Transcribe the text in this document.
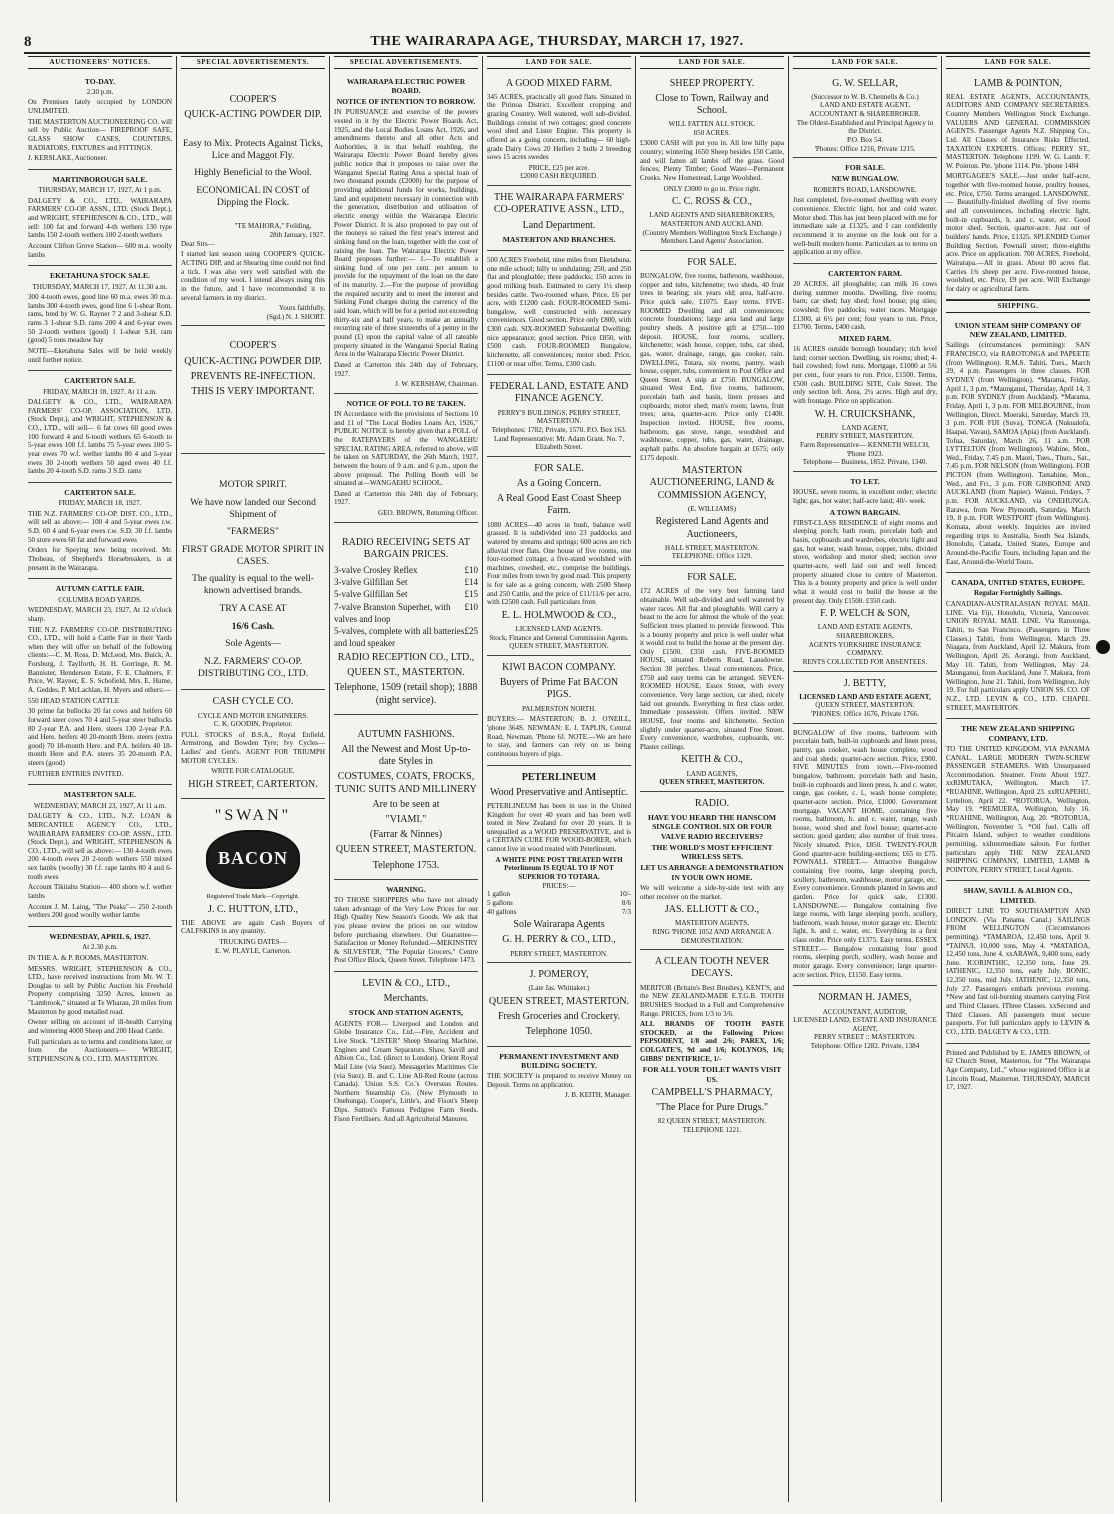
8	THE WAIRARAPA AGE, THURSDAY, MARCH 17, 1927.
AUCTIONEERS' NOTICES.
TO-DAY.
2.30 p.m.
On Premises lately occupied by LONDON UNLIMITED.
THE MASTERTON AUCTIONEERING CO. will sell by Public Auction— FIREPROOF SAFE, GLASS SHOW CASES, COUNTERS, RADIATORS, FIXTURES and FITTINGS.
J. KERSLAKE, Auctioneer.
MARTINBOROUGH SALE.
THURSDAY, MARCH 17, 1927, At 1 p.m.
DALGETY & CO., LTD., WAIRARAPA FARMERS' CO-OP. ASSN., LTD. (Stock Dept.), and WRIGHT, STEPHENSON & CO., LTD., will sell: 100 fat and forward 4-th wethers 130 type lambs 150 2-tooth wethers 100 2-tooth wethers
Account Clifton Grove Station— 600 m.a. woolly lambs
EKETAHUNA STOCK SALE.
THURSDAY, MARCH 17, 1927. At 11.30 a.m.
300 4-tooth ewes, good line 60 m.a. ewes 30 m.a. lambs 300 4-tooth ewes, good line 6 1-shear Rom. rams, bred by W. G. Rayner 7 2 and 3-shear S.D. rams 3 1-shear S.D. rams 200 4 and 6-year ewes 50 2-tooth wethers (good) 1 1-shear S.H. ram (good) 5 tons meadow hay
NOTE—Eketahuna Sales will be held weekly until further notice.
CARTERTON SALE.
FRIDAY, MARCH 18, 1927. At 11 a.m.
DALGETY & CO., LTD., WAIRARAPA FARMERS' CO-OP. ASSOCIATION, LTD. (Stock Dept.), and WRIGHT, STEPHENSON & CO., LTD., will sell— 6 fat cows 60 good ewes 100 forward 4 and 6-tooth wethers 65 6-tooth to 5-year ewes 100 f.f. lambs 75 5-year ewes 100 5-year ewes 70 w.f. wether lambs 80 4 and 5-year ewes 30 2-tooth wethers 50 aged ewes 40 f.f. lambs 20 4-tooth S.D. rams 3 S.D. rams
CARTERTON SALE.
FRIDAY, MARCH 18, 1927.
THE N.Z. FARMERS' CO-OP. DIST. CO., LTD., will sell as above:— 100 4 and 5-year ewes r.w. S.D. 60 4 and 6-year ewes r.w. S.D. 30 f.f. lambs 50 store ewes 60 fat and forward ewes
Orders for Speying now being received. Mr. Thoheau, of Shepherd's Horsebreakers, is at present in the Wairarapa.
AUTUMN CATTLE FAIR.
COLUMBA ROAD YARDS.
WEDNESDAY, MARCH 23, 1927, At 12 o'clock sharp.
THE N.Z. FARMERS' CO-OP. DISTRIBUTING CO., LTD., will hold a Cattle Fair in their Yards when they will offer on behalf of the following clients:—C. M. Ross, D. McLeod, Mrs. Buick, A. Forsburg, J. Taylforth, H. H. Gorringe, R. M. Bannister, Henderson Estate, F. E. Chalmers, F. Price, W. Rayner, E. S. Schofield, Mrs. E. Hume, A. Geddes, P. McLachlan, H. Myers and others:—
550 HEAD STATION CATTLE
30 prime fat bullocks 20 fat cows and heifers 60 forward steer cows 70 4 and 5-year steer bullocks 80 2-year P.A. and Here. steers 130 2-year P.A. and Here. heifers 40 20-month Here. steers (extra good) 70 18-month Here. and P.A. heifers 40 18-month Here and P.A. steers 35 20-month P.A. steers (good)
FURTHER ENTRIES INVITED.
MASTERTON SALE.
WEDNESDAY, MARCH 23, 1927, At 11 a.m.
DALGETY & CO., LTD., N.Z. LOAN & MERCANTILE AGENCY CO., LTD., WAIRARAPA FARMERS' CO-OP. ASSN., LTD. (Stock Dept.), and WRIGHT, STEPHENSON & CO., LTD., will sell as above:— 130 4-tooth ewes 200 4-tooth ewes 20 2-tooth wethers 550 mixed sex lambs (woolly) 30 f.f. rape lambs 80 4 and 6-tooth ewes
Account Tikitahu Station— 400 shorn w.f. wether lambs
Account J. M. Laing, "The Peaks"— 250 2-tooth wethers 200 good woolly wether lambs
WEDNESDAY, APRIL 6, 1927.
At 2.30 p.m.
IN THE A. & P. ROOMS, MASTERTON.
MESSRS. WRIGHT, STEPHENSON & CO., LTD., have received instructions from Mr. W. T. Douglas to sell by Public Auction his Freehold Property comprising 3250 Acres, known as "Lambrook," situated at Te Wharau, 20 miles from Masterton by good metalled road.
Owner selling on account of ill-health Carrying and wintering 4000 Sheep and 200 Head Cattle.
Full particulars as to terms and conditions later, or from the Auctioneers— WRIGHT, STEPHENSON & CO., LTD. MASTERTON.
SPECIAL ADVERTISEMENTS.
COOPER'S
QUICK-ACTING POWDER DIP.
Easy to Mix. Protects Against Ticks, Lice and Maggot Fly.
Highly Beneficial to the Wool.
ECONOMICAL IN COST of Dipping the Flock.
"TE MAHORA," Feilding,
28th January, 1927.
Dear Sirs—
I started last season using COOPER'S QUICK-ACTING DIP, and at Shearing time could not find a tick. I was also very well satisfied with the condition of my wool. I intend always using this in the future, and I have recommended it to several farmers in my district.
Yours faithfully,
(Sgd.) N. J. SHORT.
COOPER'S
QUICK-ACTING POWDER DIP.
PREVENTS RE-INFECTION.
THIS IS VERY IMPORTANT.
MOTOR SPIRIT.
We have now landed our Second Shipment of
"FARMERS"
FIRST GRADE MOTOR SPIRIT IN CASES.
The quality is equal to the well-known advertised brands.
TRY A CASE AT
16/6 Cash.
Sole Agents—
N.Z. FARMERS' CO-OP. DISTRIBUTING CO., LTD.
CASH CYCLE CO.
CYCLE AND MOTOR ENGINEERS.
C. K. GOODIN, Proprietor.
FULL STOCKS of B.S.A., Royal Enfield, Armstrong, and Bowden Tyre; Ivy Cycles—Ladies' and Gent's. AGENT FOR TRIUMPH MOTOR CYCLES.
WRITE FOR CATALOGUE.
HIGH STREET, CARTERTON.
"SWAN"
BACON
Registered Trade Mark—Copyright.
J. C. HUTTON, LTD.,
THE ABOVE are again Cash Buyers of CALFSKINS in any quantity.
TRUCKING DATES—
E. W. PLAYLE, Carterton.
SPECIAL ADVERTISEMENTS.
WAIRARAPA ELECTRIC POWER BOARD.
NOTICE OF INTENTION TO BORROW.
IN PURSUANCE and exercise of the powers vested in it by the Electric Power Boards Act, 1925, and the Local Bodies Loans Act, 1926, and amendments thereto and all other Acts and Authorities, it in that behalf enabling, the Wairarapa Electric Power Board hereby gives public notice that it proposes to raise over the Wanganui Special Rating Area a special loan of two thousand pounds (£2000) for the purpose of providing additional funds for works, buildings, land and equipment necessary in connection with the generation, distribution and utilisation of electric energy within the Wairarapa Electric Power District. It is also proposed to pay out of the moneys so raised the first year's interest and sinking fund on the loan, together with the cost of raising the loan. The Wairarapa Electric Power Board proposes further:— 1.—To establish a sinking fund of one per cent. per annum to provide for the repayment of the loan on the date of its maturity. 2.—For the purpose of providing the required security and to meet the interest and Sinking Fund charges during the currency of the said loan, which will be for a period not exceeding thirty-six and a half years, to make an annually recurring rate of three sixteenths of a penny in the pound (£) upon the capital value of all rateable property situated in the Wanganui Special Rating Area in the Wairarapa Electric Power District.
Dated at Carterton this 24th day of February, 1927.
J. W. KERSHAW, Chairman.
NOTICE OF POLL TO BE TAKEN.
IN Accordance with the provisions of Sections 10 and 11 of "The Local Bodies Loans Act, 1926," PUBLIC NOTICE is hereby given that a POLL of the RATEPAYERS of the WANGAEHU SPECIAL RATING AREA, referred to above, will be taken on SATURDAY, the 26th March, 1927, between the hours of 9 a.m. and 6 p.m., upon the above proposal. The Polling Booth will be situated at—WANGAEHU SCHOOL.
Dated at Carterton this 24th day of February, 1927.
GEO. BROWN, Returning Officer.
RADIO RECEIVING SETS AT BARGAIN PRICES.
3-valve Crosley Reflex	£10
3-valve Gilfillan Set	£14
5-valve Gilfillan Set	£15
7-valve Branston Superhet, with valves and loop
£10
5-valves, complete with all batteries and loud speaker
£25
RADIO RECEPTION CO., LTD.,
QUEEN ST., MASTERTON.
Telephone, 1509 (retail shop); 1888 (night service).
AUTUMN FASHIONS.
All the Newest and Most Up-to-date Styles in
COSTUMES, COATS, FROCKS, TUNIC SUITS AND MILLINERY
Are to be seen at
"VIAMI."
(Farrar & Ninnes)
QUEEN STREET, MASTERTON.
Telephone 1753.
WARNING.
TO THOSE SHOPPERS who have not already taken advantage of the Very Low Prices for our High Quality New Season's Goods. We ask that you please review the prices on our window before purchasing elsewhere. Our Guarantee—Satisfaction or Money Refunded.—MEKINSTRY & SILVESTER, "The Popular Grocers," Centre Post Office Block, Queen Street. Telephone 1473.
LEVIN & CO., LTD.,
Merchants.
STOCK AND STATION AGENTS,
AGENTS FOR— Liverpool and London and Globe Insurance Co., Ltd.—Fire, Accident and Live Stock. "LISTER" Sheep Shearing Machine, Engines and Cream Separators. Shaw, Savill and Albion Co., Ltd. (direct to London). Orient Royal Mail Line (via Suez). Messageries Maritimes Cie (via Suez). B. and C. Line All-Red Route (across Canada). Union S.S. Co.'s Overseas Routes. Northern Steamship Co. (New Plymouth to Onehunga). Cooper's, Little's, and Fison's Sheep Dips. Sutton's Famous Pedigree Farm Seeds. Fison Fertilisers. And all Agricultural Manures.
LAND FOR SALE.
A GOOD MIXED FARM.
345 ACRES, practically all good flats. Situated in the Pirinoa District. Excellent cropping and grazing Country. Well watered, well sub-divided. Buildings consist of two cottages; good concrete wool shed and Lister Engine. This property is offered as a going concern, including— 60 high-grade Dairy Cows 20 Heifers 2 bulls 2 breeding sows 15 acres swedes
PRICE, £25 per acre.
£2000 CASH REQUIRED.
THE WAIRARAPA FARMERS' CO-OPERATIVE ASSN., LTD.,
Land Department.
MASTERTON AND BRANCHES.
500 ACRES Freehold, nine miles from Eketahuna, one mile school; hilly to undulating; 250, and 250 flat and ploughable; three paddocks; 150 acres in good milking bush. Estimated to carry 1½ sheep besides cattle. Two-roomed whare. Price, £6 per acre, with £1200 cash. FOUR-ROOMED Semi-bungalow, well constructed with necessary conveniences. Good section. Price only £800, with £300 cash. SIX-ROOMED Substantial Dwelling; nice appearance; good section. Price £850, with £500 cash. FOUR-ROOMED Bungalow, kitchenette, all conveniences; motor shed. Price, £1100 or near offer. Terms, £300 cash.
FEDERAL LAND, ESTATE AND FINANCE AGENCY.
PERRY'S BUILDINGS, PERRY STREET, MASTERTON.
Telephones: 1782; Private, 1570. P.O. Box 163.
Land Representative: Mr. Adam Grant. No. 7, Elizabeth Street.
FOR SALE.
As a Going Concern.
A Real Good East Coast Sheep Farm.
1080 ACRES—40 acres in bush, balance well grassed. It is subdivided into 23 paddocks and watered by streams and springs; 600 acres are rich alluvial river flats. One house of five rooms, one four-roomed cottage, a five-stand woolshed with machines, cowshed, etc., comprise the buildings. Four miles from town by good road. This property is for sale as a going concern, with 2500 Sheep and 250 Cattle, and the price of £11/11/6 per acre, with £2500 cash. Full particulars from
E. L. HOLMWOOD & CO.,
LICENSED LAND AGENTS.
Stock, Finance and General Commission Agents.
QUEEN STREET, MASTERTON.
KIWI BACON COMPANY.
Buyers of Prime Fat BACON PIGS.
PALMERSTON NORTH.
BUYERS:— MASTERTON: B. J. O'NEILL, 'phone 364S. NEWMAN: E. J. TAPLIN, Central Road, Newman. 'Phone 6J. NOTE.—We are here to stay, and farmers can rely on us being continuous buyers of pigs.
PETERLINEUM
Wood Preservative and Antiseptic.
PETERLINEUM has been in use in the United Kingdom for over 40 years and has been well tested in New Zealand for over 20 years. It is unequalled as a WOOD PRESERVATIVE, and is a CERTAIN CURE FOR WOOD-BORER, which cannot live in wood treated with Peterlineum.
A WHITE PINE POST TREATED WITH Peterlineum IS EQUAL TO IF NOT SUPERIOR TO TOTARA.
PRICES:—
1 gallon	10/-
5 gallons	8/6
40 gallons	7/3
Sole Wairarapa Agents
G. H. PERRY & CO., LTD.,
PERRY STREET, MASTERTON.
J. POMEROY,
(Late Jas. Whittaker.)
QUEEN STREET, MASTERTON.
Fresh Groceries and Crockery.
Telephone 1050.
PERMANENT INVESTMENT AND BUILDING SOCIETY.
THE SOCIETY is prepared to receive Money on Deposit. Terms on application.
J. B. KEITH, Manager.
LAND FOR SALE.
SHEEP PROPERTY.
Close to Town, Railway and School.
WILL FATTEN ALL STOCK.
850 ACRES.
£3000 CASH will put you in. All low hilly papa country; wintering 1650 Sheep besides 150 Cattle, and will fatten all lambs off the grass. Good fences; Plenty Timber; Good Water—Permanent Creeks. New Homestead, Large Woolshed.
ONLY £3000 to go in. Price right.
C. C. ROSS & CO.,
LAND AGENTS AND SHAREBROKERS,
MASTERTON AND AUCKLAND.
(Country Members Wellington Stock Exchange.)
Members Land Agents' Association.
FOR SALE.
BUNGALOW, five rooms, bathroom, washhouse, copper and tubs, kitchenette; two sheds, 40 fruit trees in bearing; six years old; area, half-acre. Price quick sale, £1075. Easy terms. FIVE-ROOMED Dwelling and all conveniences; concrete foundations; large area land and large poultry sheds. A positive gift at £750—100 deposit. HOUSE, four rooms, scullery, kitchenette; wash house, copper, tubs, car shed, gas, water, drainage, range, gas cooker, rain. DWELLING, Totara, six rooms, pantry, wash house, copper, tubs, convenient to Post Office and Queen Street. A snip at £750. BUNGALOW, situated West End, five rooms, bathroom, porcelain bath and basin, linen presses and cupboards; motor shed; man's room; lawns, fruit trees; area, quarter-acre. Price only £1400. Inspection invited. HOUSE, five rooms, bathroom, gas stove, range, woodshed and washhouse, copper, tubs, gas, water, drainage, asphalt paths. An absolute bargain at £675; only £175 deposit.
MASTERTON AUCTIONEERING, LAND & COMMISSION AGENCY,
(E. WILLIAMS)
Registered Land Agents and Auctioneers,
HALL STREET, MASTERTON.
TELEPHONE: Office 1329.
FOR SALE.
172 ACRES of the very best farming land obtainable. Well sub-divided and well watered by water races. All flat and ploughable. Will carry a beast to the acre for almost the whole of the year. Sufficient trees planted to provide firewood. This is a bounty property and price is well under what it would cost to build the house at the present day. Only £1500. £350 cash. FIVE-ROOMED HOUSE, situated Roberts Road, Lansdowne. Section 38 perches. Usual conveniences. Price, £750 and easy terms can be arranged. SEVEN-ROOMED HOUSE, Essex Street, with every convenience. Very large section, car shed, nicely laid out grounds. Everything in first class order. Immediate possession. Offers invited. NEW HOUSE, four rooms and kitchenette. Section slightly under quarter-acre, situated Free Street. Every convenience, wardrobes, cupboards, etc. Plaster ceilings.
KEITH & CO.,
LAND AGENTS,
QUEEN STREET, MASTERTON.
RADIO.
HAVE YOU HEARD THE HANSCOM SINGLE CONTROL SIX OR FOUR VALVE RADIO RECEIVERS?
THE WORLD'S MOST EFFICIENT WIRELESS SETS.
LET US ARRANGE A DEMONSTRATION IN YOUR OWN HOME.
We will welcome a side-by-side test with any other receiver on the market.
JAS. ELLIOTT & CO.,
MASTERTON AGENTS,
RING 'PHONE 1052 AND ARRANGE A DEMONSTRATION.
A CLEAN TOOTH NEVER DECAYS.
MERITOR (Britain's Best Brushes), KENT'S, and the NEW ZEALAND-MADE E.T.G.B. TOOTH BRUSHES Stocked in a Full and Comprehensive Range. PRICES, from 1/3 to 3/6.
ALL BRANDS OF TOOTH PASTE STOCKED, at the Following Prices: PEPSODENT, 1/8 and 2/6; PAREX, 1/6; COLGATE'S, 9d and 1/6; KOLYNOS, 1/6; GIBBS' DENTIFRICE, 1/-
FOR ALL YOUR TOILET WANTS VISIT US.
CAMPBELL'S PHARMACY,
"The Place for Pure Drugs."
82 QUEEN STREET, MASTERTON. TELEPHONE 1221.
LAND FOR SALE.
G. W. SELLAR,
(Successor to W. B. Chennells & Co.)
LAND AND ESTATE AGENT,
ACCOUNTANT & SHAREBROKER.
The Oldest-Established and Principal Agency in the District.
P.O. Box 54.
'Phones: Office 1216, Private 1215.
FOR SALE.
NEW BUNGALOW.
ROBERTS ROAD, LANSDOWNE.
Just completed, five-roomed dwelling with every convenience. Electric light, hot and cold water. Motor shed. This has just been placed with me for immediate sale at £1325, and I can confidently recommend it to anyone on the look out for a well-built modern home. Particulars as to terms on application at my office.
CARTERTON FARM.
20 ACRES, all ploughable; can milk 16 cows during summer months. Dwelling, five rooms; barn; car shed; hay shed; fowl house; pig sties; cowshed; five paddocks; water races. Mortgage £1300, at 6½ per cent; four years to run. Price, £1700. Terms, £400 cash.
MIXED FARM.
16 ACRES outside borough boundary; rich level land; corner section. Dwelling, six rooms; shed; 4-bail cowshed; fowl runs. Mortgage, £1000 at 5¾ per cent., four years to run. Price, £1500. Terms, £500 cash. BUILDING SITE, Cole Street. The only section left. Area, 2¼ acres. High and dry, with frontage. Price on application.
W. H. CRUICKSHANK,
LAND AGENT,
PERRY STREET, MASTERTON.
Farm Representative— KENNETH WELCH, 'Phone 1923.
Telephone— Business, 1852. Private, 1340.
TO LET.
HOUSE, seven rooms, in excellent order; electric light; gas, hot water; half-acre land; 40/- week.
A TOWN BARGAIN.
FIRST-CLASS RESIDENCE of eight rooms and sleeping porch; bath room, porcelain bath and basin, cupboards and wardrobes, electric light and gas, hot water, wash house, copper, tubs, divided stove, workshop and motor shed; section over quarter-acre, well laid out and well fenced; property situated close to centre of Masterton. This is a bounty property and price is well under what it would cost to build the house at the present day. Only £1500. £350 cash.
F. P. WELCH & SON,
LAND AND ESTATE AGENTS, SHAREBROKERS,
AGENTS YORKSHIRE INSURANCE COMPANY.
RENTS COLLECTED FOR ABSENTEES.
J. BETTY,
LICENSED LAND AND ESTATE AGENT,
QUEEN STREET, MASTERTON.
'PHONES: Office 1676, Private 1766.
BUNGALOW of five rooms, bathroom with porcelain bath, built-in cupboards and linen press, pantry, gas cooker, wash house complete, wood and coal sheds; quarter-acre section. Price, £900. FIVE MINUTES from town.—Five-roomed bungalow, bathroom, porcelain bath and basin, built-in cupboards and linen press, h. and c. water, range, gas cooker, c. l., wash house complete; quarter-acre section. Price, £1000. Government mortgage. VACANT HOME, containing five rooms, bathroom, h. and c. water, range, wash house, wood shed and fowl house; quarter-acre section; good garden; also number of fruit trees. Nicely situated. Price, £850. TWENTY-FOUR Good quarter-acre building-sections; £65 to £75. POWNALL STREET.— Attractive Bungalow containing five rooms, large sleeping porch, scullery, bathroom, washhouse, motor garage, etc. Every convenience. Grounds planted in lawns and garden. Price for quick sale, £1300. LANSDOWNE.— Bungalow containing five large rooms, with large sleeping porch, scullery, bathroom, wash house, motor garage etc. Electric light, h. and c. water, etc. Everything in a first class order. Price only £1375. Easy terms. ESSEX STREET.— Bungalow containing four good rooms, sleeping porch, scullery, wash house and motor garage. Every convenience; large quarter-acre section. Price, £1150. Easy terms.
NORMAN H. JAMES,
ACCOUNTANT, AUDITOR,
LICENSED LAND, ESTATE AND INSURANCE AGENT,
PERRY STREET :: MASTERTON.
Telephone: Office 1282. Private, 1384
LAND FOR SALE.
LAMB & POINTON,
REAL ESTATE AGENTS, ACCOUNTANTS, AUDITORS AND COMPANY SECRETARIES. Country Members Wellington Stock Exchange. VALUERS AND GENERAL COMMISSION AGENTS. Passenger Agents N.Z. Shipping Co., Ltd. All Classes of Insurance Risks Effected. TAXATION EXPERTS. Offices: PERRY ST., MASTERTON. Telephone 1199. W. G. Lamb. F. W. Pointon. Pte. 'phone 1114. Pte. 'phone 1484
MORTGAGEE'S SALE.—Just under half-acre, together with five-roomed house, poultry houses, etc. Price, £750. Terms arranged. LANSDOWNE.— Beautifully-finished dwelling of five rooms and all conveniences, including electric light, built-in cupboards, h. and c. water, etc. Good motor shed. Section, quarter-acre. Just out of builders' hands. Price, £1325. SPLENDID Corner Building Section. Pownall street; three-eighths acre. Price on application. 700 ACRES, Freehold, Wairarapa.—All in grass. About 80 acres flat. Carries 1¾ sheep per acre. Five-roomed house, woolshed, etc. Price, £9 per acre. Will Exchange for dairy or agricultural farm.
SHIPPING.
UNION STEAM SHIP COMPANY OF NEW ZEALAND, LIMITED.
Sailings (circumstances permitting): SAN FRANCISCO, via RAROTONGA and PAPEETE (from Wellington). R.M.S. Tahiti, Tues., March 29, 4 p.m. Passengers in three classes. FOR SYDNEY (from Wellington). *Marama, Friday, April 1, 3 p.m. *Maunganui, Thursday, April 14, 3 p.m. FOR SYDNEY (from Auckland). *Marama, Friday, April 1, 3 p.m. FOR MELBOURNE, from Wellington, Direct. Moeraki, Saturday, March 19, 3 p.m. FOR FIJI (Suva), TONGA (Nukualofa, Haapai, Vavau), SAMOA (Apia) (from Auckland). Tofua, Saturday, March 26, 11 a.m. FOR LYTTELTON (from Wellington). Wahine, Mon., Wed., Friday, 7.45 p.m. Maori, Tues., Thurs., Sat., 7.45 p.m. FOR NELSON (from Wellington). FOR PICTON (from Wellington). Tamahine, Mon., Wed., and Fri., 3 p.m. FOR GISBORNE AND AUCKLAND (from Napier). Wainui, Fridays, 7 p.m. FOR AUCKLAND, via ONEHUNGA. Rarawa, from New Plymouth, Saturday, March 19, 8 p.m. FOR WESTPORT (from Wellington). Komata, about weekly. Inquiries are invited regarding trips to Australia, South Sea Islands, Honolulu, Canada, United States, Europe and Around-the-Pacific Tours, including Japan and the East, Around-the-World Tours.
CANADA, UNITED STATES, EUROPE.
Regular Fortnightly Sailings.
CANADIAN-AUSTRALASIAN ROYAL MAIL LINE. Via Fiji, Honolulu, Victoria, Vancouver. UNION ROYAL MAIL LINE. Via Rarotonga, Tahiti, to San Francisco. (Passengers in Three Classes.) Tahiti, from Wellington, March 29. Niagara, from Auckland, April 12. Makura, from Wellington, April 26. Aorangi, from Auckland, May 10. Tahiti, from Wellington, May 24. Maunganui, from Auckland, June 7. Makura, from Wellington, June 21. Tahiti, from Wellington, July 19. For full particulars apply UNION SS. CO. OF N.Z., LTD. LEVIN & CO., LTD. CHAPEL STREET, MASTERTON.
THE NEW ZEALAND SHIPPING COMPANY, LTD.
TO THE UNITED KINGDOM, VIA PANAMA CANAL. LARGE MODERN TWIN-SCREW PASSENGER STEAMERS. With Unsurpassed Accommodation. Steamer. From About 1927. xxRIMUTAKA, Wellington, March 17. *RUAHINE, Wellington, April 23. xxRUAPEHU, Lyttelton, April 22. *ROTORUA, Wellington, May 19. *REMUERA, Wellington, July 16. *RUAHINE, Wellington, Aug. 20. *ROTORUA, Wellington, November 5. *Oil fuel. Calls off Pitcairn Island, subject to weather conditions permitting. xxIntermediate saloon. For further particulars apply THE NEW ZEALAND SHIPPING COMPANY, LIMITED, LAMB & POINTON, PERRY STREET, Local Agents.
SHAW, SAVILL & ALBION CO., LIMITED.
DIRECT LINE TO SOUTHAMPTON AND LONDON. (Via Panama Canal.) SAILINGS FROM WELLINGTON (Circumstances permitting). *TAMAROA, 12,450 tons, April 9. *TAINUI, 10,000 tons, May 4. *MATAROA, 12,450 tons, June 4. xxARAWA, 9,400 tons, early June. ICORINTHIC, 12,350 tons, June 29. IATHENIC, 12,350 tons, early July. IIONIC, 12,350 tons, mid July. IATHENIC, 12,350 tons, July 27. Passengers embark previous evening. *New and fast oil-burning steamers carrying First and Third Classes. IThree Classes. xxSecond and Third Classes. All passengers must secure passports. For full particulars apply to LEVIN & CO., LTD. DALGETY & CO., LTD.
Printed and Published by E. JAMES BROWN, of 62 Church Street, Masterton, for "The Wairarapa Age Company, Ltd.," whose registered Office is at Lincoln Road, Masterton. THURSDAY, MARCH 17, 1927.
